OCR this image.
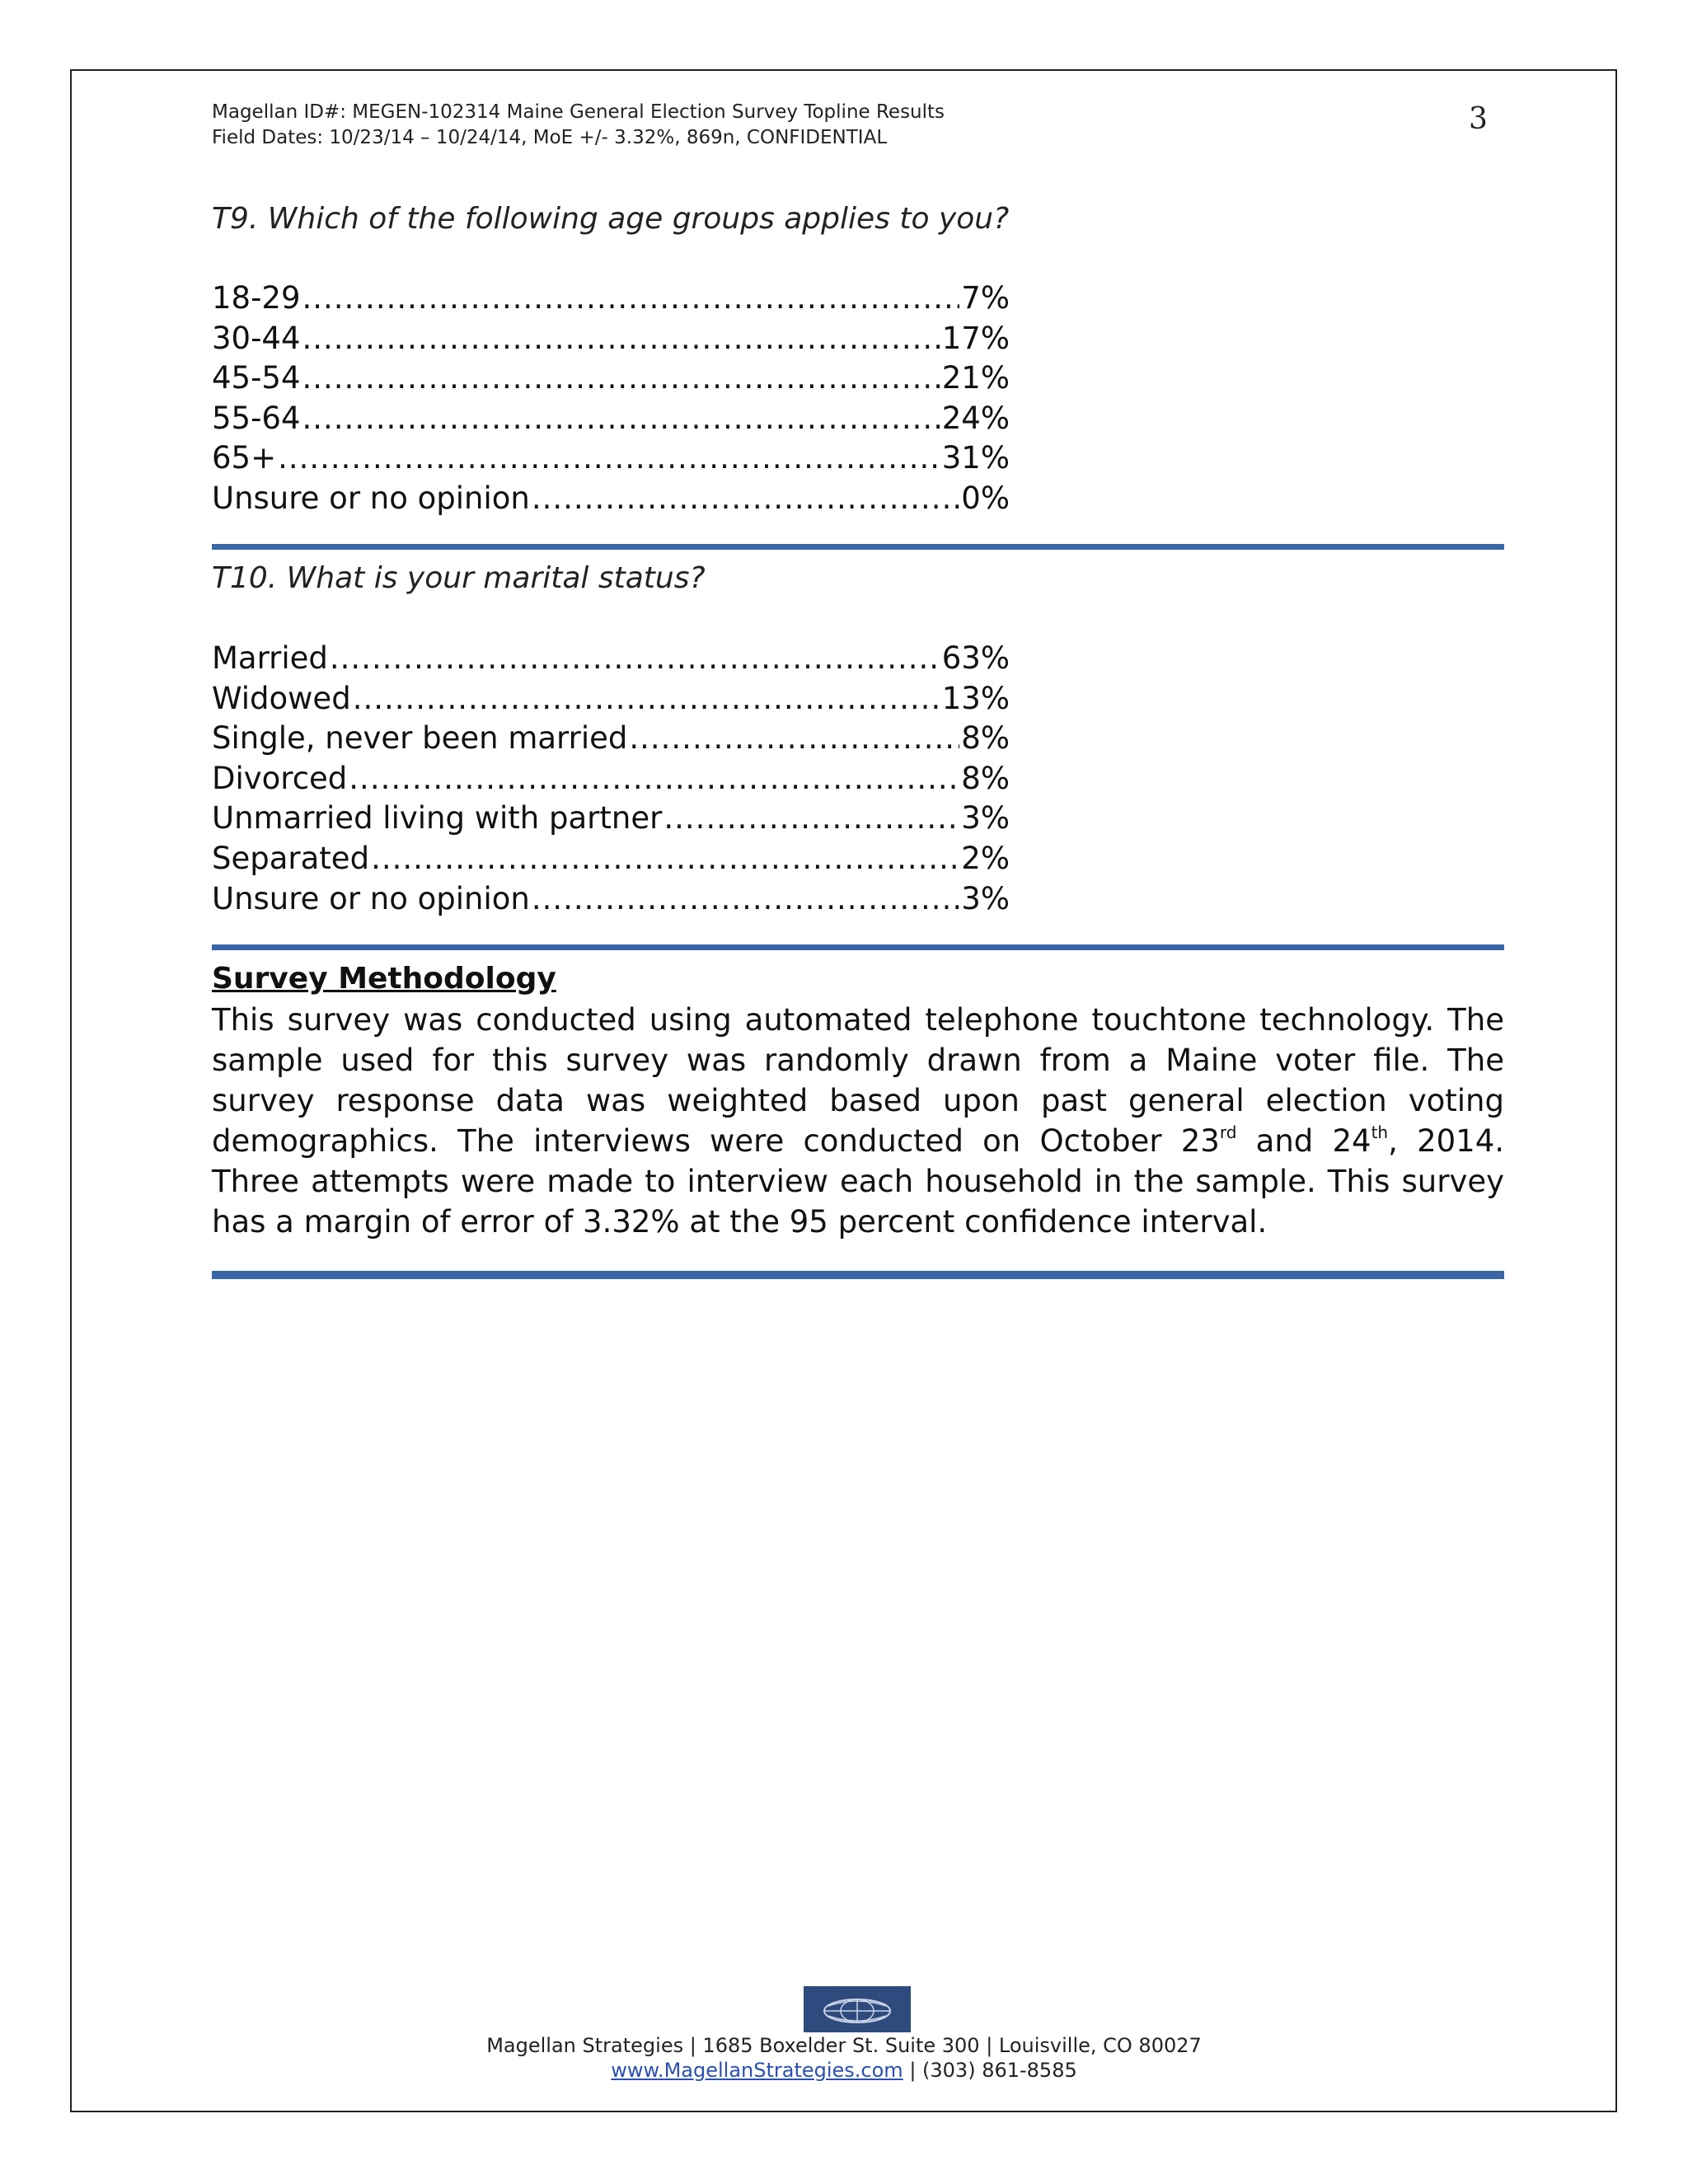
Magellan ID#: MEGEN-102314 Maine General Election Survey Topline Results
Field Dates: 10/23/14 – 10/24/14, MoE +/- 3.32%, 869n, CONFIDENTIAL
3
T9. Which of the following age groups applies to you?
18-29 .....	7%
30-44 .....	17%
45-54 .....	21%
55-64 .....	24%
65+ .....	31%
Unsure or no opinion .....	0%
T10. What is your marital status?
Married .....	63%
Widowed .....	13%
Single, never been married .....	8%
Divorced .....	8%
Unmarried living with partner .....	3%
Separated .....	2%
Unsure or no opinion .....	3%
Survey Methodology
This survey was conducted using automated telephone touchtone technology. The sample used for this survey was randomly drawn from a Maine voter file. The survey response data was weighted based upon past general election voting demographics. The interviews were conducted on October 23rd and 24th, 2014. Three attempts were made to interview each household in the sample. This survey has a margin of error of 3.32% at the 95 percent confidence interval.
Magellan Strategies | 1685 Boxelder St. Suite 300 | Louisville, CO 80027
www.MagellanStrategies.com | (303) 861-8585
